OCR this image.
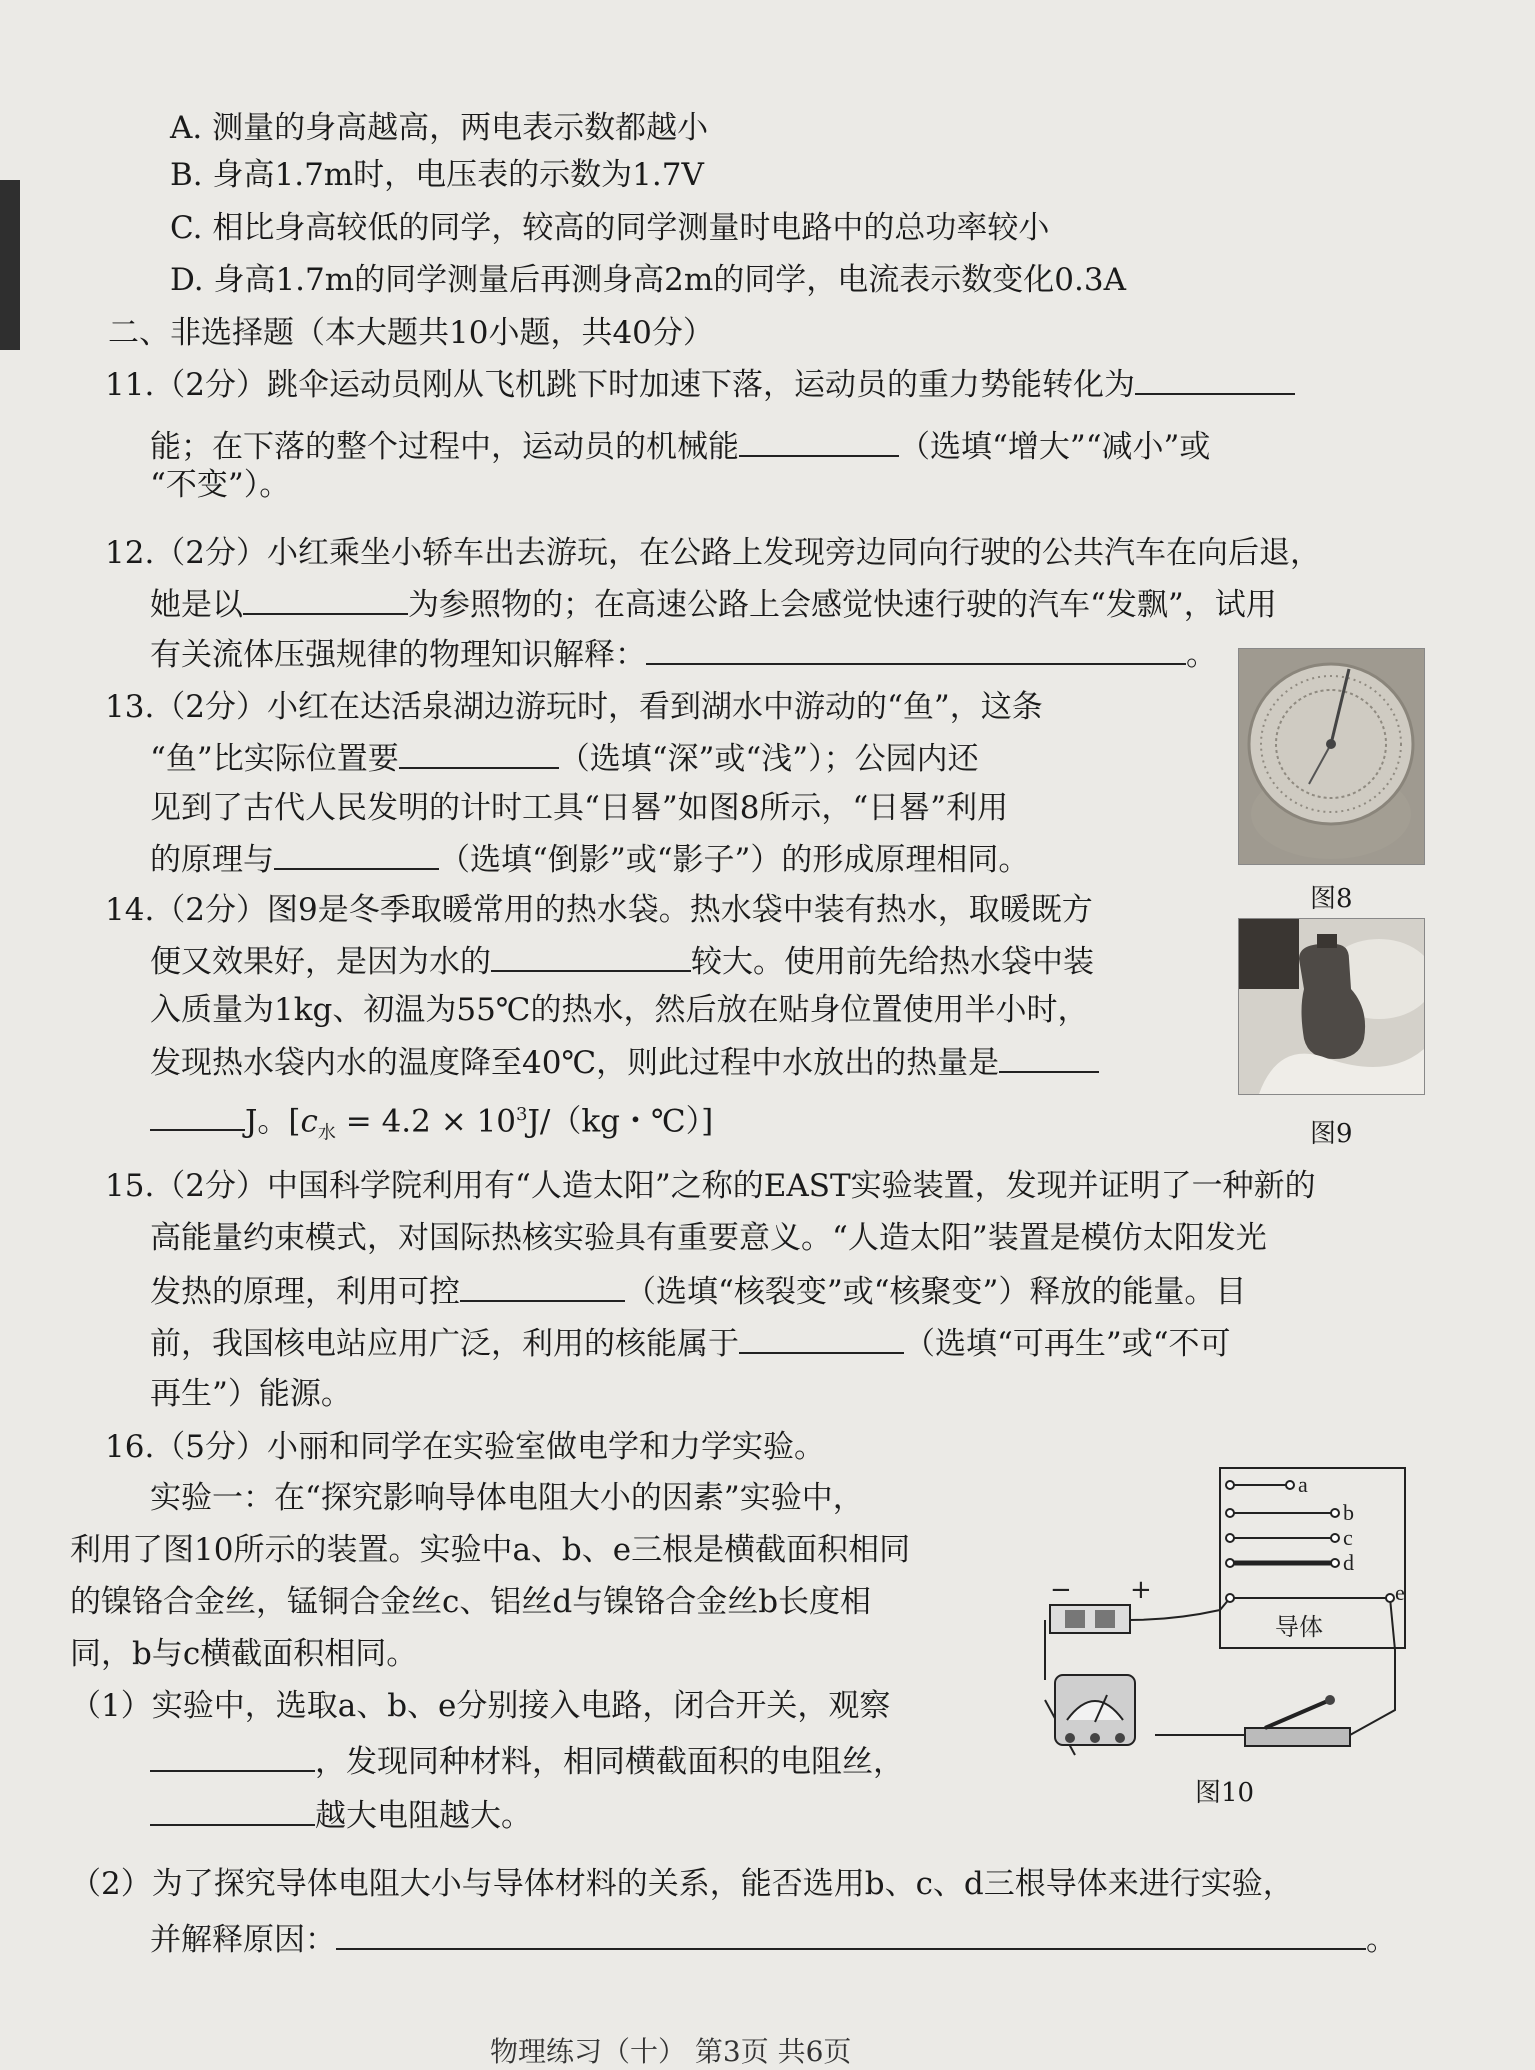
A. 测量的身高越高，两电表示数都越小
B. 身高1.7m时，电压表的示数为1.7V
C. 相比身高较低的同学，较高的同学测量时电路中的总功率较小
D. 身高1.7m的同学测量后再测身高2m的同学，电流表示数变化0.3A
二、非选择题（本大题共10小题，共40分）
11.（2分）跳伞运动员刚从飞机跳下时加速下落，运动员的重力势能转化为
能；在下落的整个过程中，运动员的机械能	（选填“增大”“减小”或
“不变”）。
12.（2分）小红乘坐小轿车出去游玩，在公路上发现旁边同向行驶的公共汽车在向后退，
她是以	为参照物的；在高速公路上会感觉快速行驶的汽车“发飘”，试用
有关流体压强规律的物理知识解释：	。
13.（2分）小红在达活泉湖边游玩时，看到湖水中游动的“鱼”，这条
“鱼”比实际位置要	（选填“深”或“浅”）；公园内还
见到了古代人民发明的计时工具“日晷”如图8所示，“日晷”利用
的原理与	（选填“倒影”或“影子”）的形成原理相同。
图8
14.（2分）图9是冬季取暖常用的热水袋。热水袋中装有热水，取暖既方
便又效果好，是因为水的	较大。使用前先给热水袋中装
入质量为1kg、初温为55℃的热水，然后放在贴身位置使用半小时，
发现热水袋内水的温度降至40℃，则此过程中水放出的热量是
J。[$c_水 = 4.2 \times 10^3J/(kg$・℃）]	图9
15.（2分）中国科学院利用有“人造太阳”之称的EAST实验装置，发现并证明了一种新的
高能量约束模式，对国际热核实验具有重要意义。“人造太阳”装置是模仿太阳发光
发热的原理，利用可控	（选填“核裂变”或“核聚变”）释放的能量。目
前，我国核电站应用广泛，利用的核能属于	（选填“可再生”或“不可
再生”）能源。
16.（5分）小丽和同学在实验室做电学和力学实验。
实验一：在“探究影响导体电阻大小的因素”实验中，
利用了图10所示的装置。实验中a、b、e三根是横截面积相同
的镍铬合金丝，锰铜合金丝c、铝丝d与镍铬合金丝b长度相
同，b与c横截面积相同。
（1）实验中，选取a、b、e分别接入电路，闭合开关，观察
，发现同种材料，相同横截面积的电阻丝，
越大电阻越大。
（2）为了探究导体电阻大小与导体材料的关系，能否选用b、c、d三根导体来进行实验，
并解释原因：	。
a
b
c
d
e
导体
− +
图10
物理练习（十） 第3页 共6页
